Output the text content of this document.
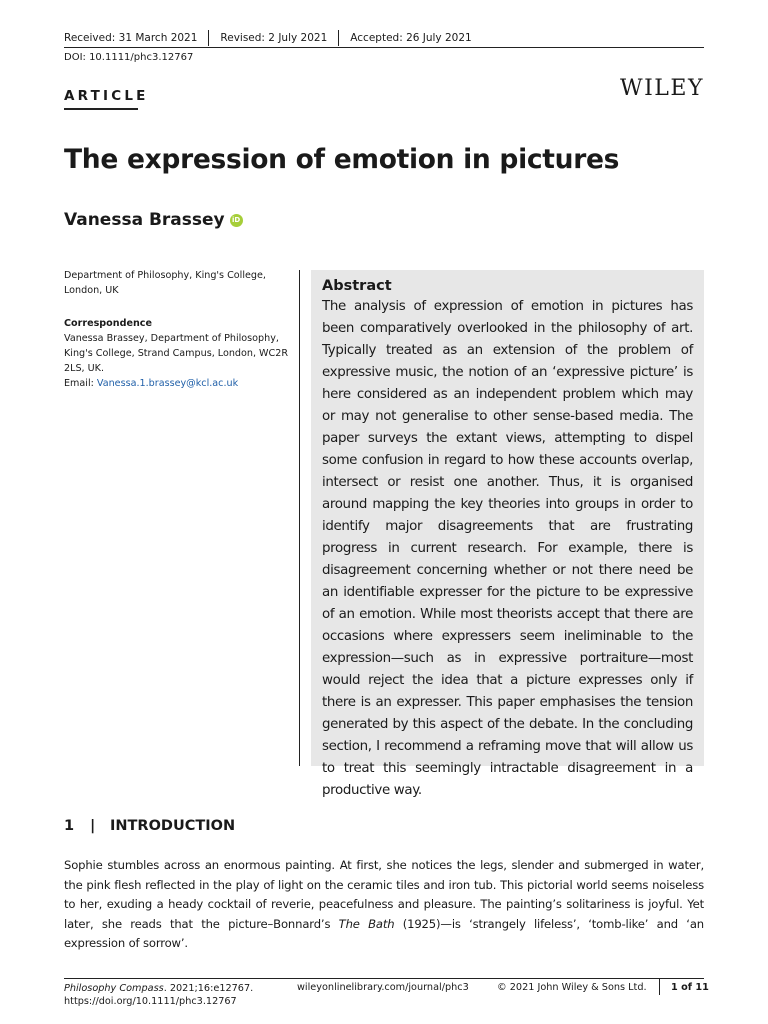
Received: 31 March 2021 Revised: 2 July 2021 Accepted: 26 July 2021
DOI: 10.1111/phc3.12767
ARTICLE	WILEY
The expression of emotion in pictures
Vanessa Brassey	iD

Department of Philosophy, King's College, London, UK

Correspondence

Vanessa Brassey, Department of Philosophy, King's College, Strand Campus, London, WC2R 2LS, UK.

Email: Vanessa.1.brassey@kcl.ac.uk

Abstract

The analysis of expression of emotion in pictures has been comparatively overlooked in the philosophy of art. Typically treated as an extension of the problem of expressive music, the notion of an ‘expressive picture’ is here considered as an independent problem which may or may not generalise to other sense-based media. The paper surveys the extant views, attempting to dispel some confusion in regard to how these accounts overlap, intersect or resist one another. Thus, it is organised around mapping the key theories into groups in order to identify major disagreements that are frustrating progress in current research. For example, there is disagreement concerning whether or not there need be an identifiable expresser for the picture to be expressive of an emotion. While most theorists accept that there are occasions where expressers seem ineliminable to the expression—such as in expressive portraiture—most would reject the idea that a picture expresses only if there is an expresser. This paper emphasises the tension generated by this aspect of the debate. In the concluding section, I recommend a reframing move that will allow us to treat this seemingly intractable disagreement in a productive way.

1	|	INTRODUCTION

Sophie stumbles across an enormous painting. At first, she notices the legs, slender and submerged in water, the pink flesh reflected in the play of light on the ceramic tiles and iron tub. This pictorial world seems noiseless to her, exuding a heady cocktail of reverie, peacefulness and pleasure. The painting’s solitariness is joyful. Yet later, she reads that the picture–Bonnard’s The Bath (1925)—is ‘strangely lifeless’, ‘tomb-like’ and ‘an expression of sorrow’.

Philosophy Compass. 2021;16:e12767.
https://doi.org/10.1111/phc3.12767
wileyonlinelibrary.com/journal/phc3	© 2021 John Wiley & Sons Ltd.	1 of 11
